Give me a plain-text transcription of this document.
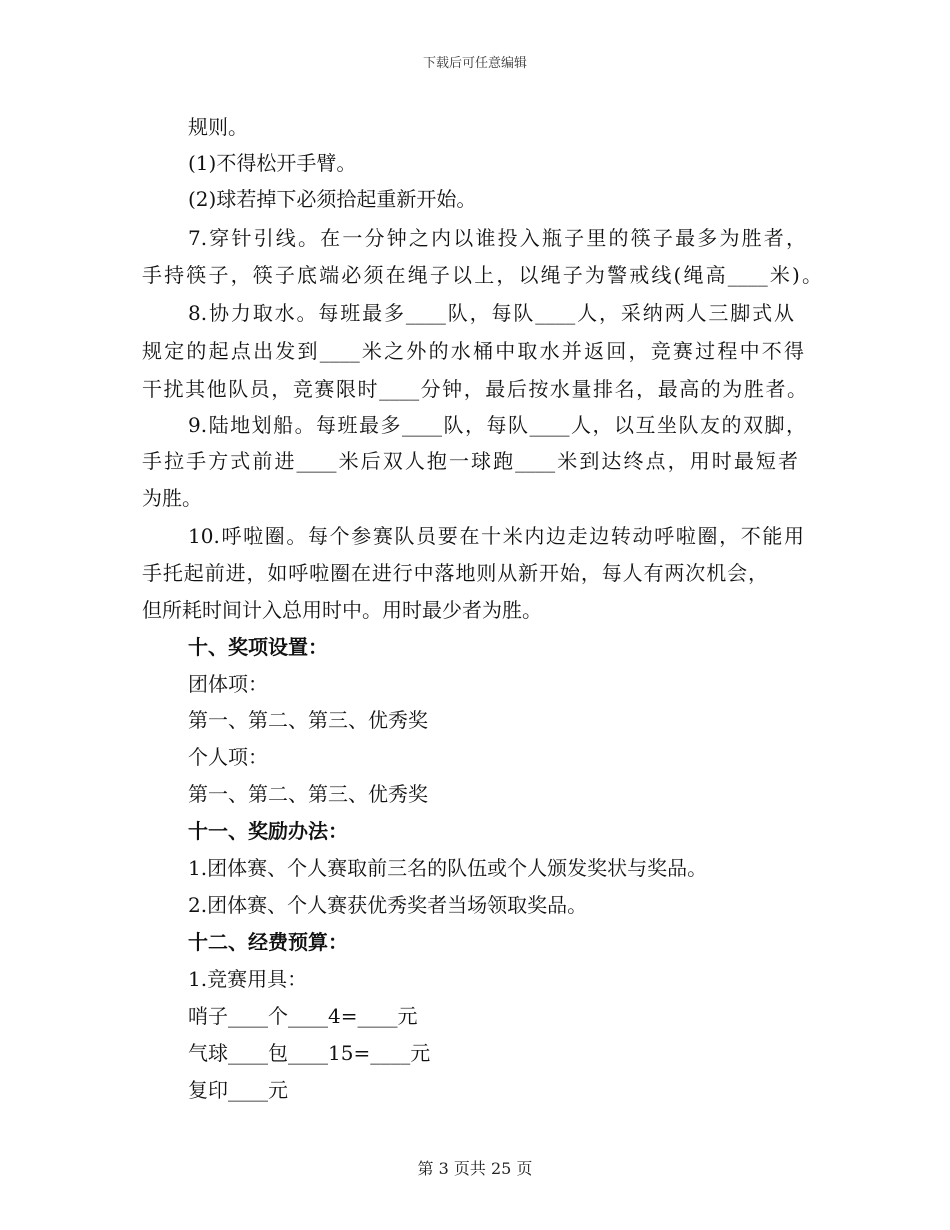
下载后可任意编辑
规则。
(1)不得松开手臂。
(2)球若掉下必须拾起重新开始。
7.穿针引线。在一分钟之内以谁投入瓶子里的筷子最多为胜者，
手持筷子，筷子底端必须在绳子以上，以绳子为警戒线(绳高____米)。
8.协力取水。每班最多____队，每队____人，采纳两人三脚式从
规定的起点出发到____米之外的水桶中取水并返回，竞赛过程中不得
干扰其他队员，竞赛限时____分钟，最后按水量排名，最高的为胜者。
9.陆地划船。每班最多____队，每队____人，以互坐队友的双脚，
手拉手方式前进____米后双人抱一球跑____米到达终点，用时最短者
为胜。
10.呼啦圈。每个参赛队员要在十米内边走边转动呼啦圈，不能用
手托起前进，如呼啦圈在进行中落地则从新开始，每人有两次机会，
但所耗时间计入总用时中。用时最少者为胜。
十、奖项设置：
团体项：
第一、第二、第三、优秀奖
个人项：
第一、第二、第三、优秀奖
十一、奖励办法：
1.团体赛、个人赛取前三名的队伍或个人颁发奖状与奖品。
2.团体赛、个人赛获优秀奖者当场领取奖品。
十二、经费预算：
1.竞赛用具：
哨子____个____4=____元
气球____包____15=____元
复印____元
第 3 页共 25 页
